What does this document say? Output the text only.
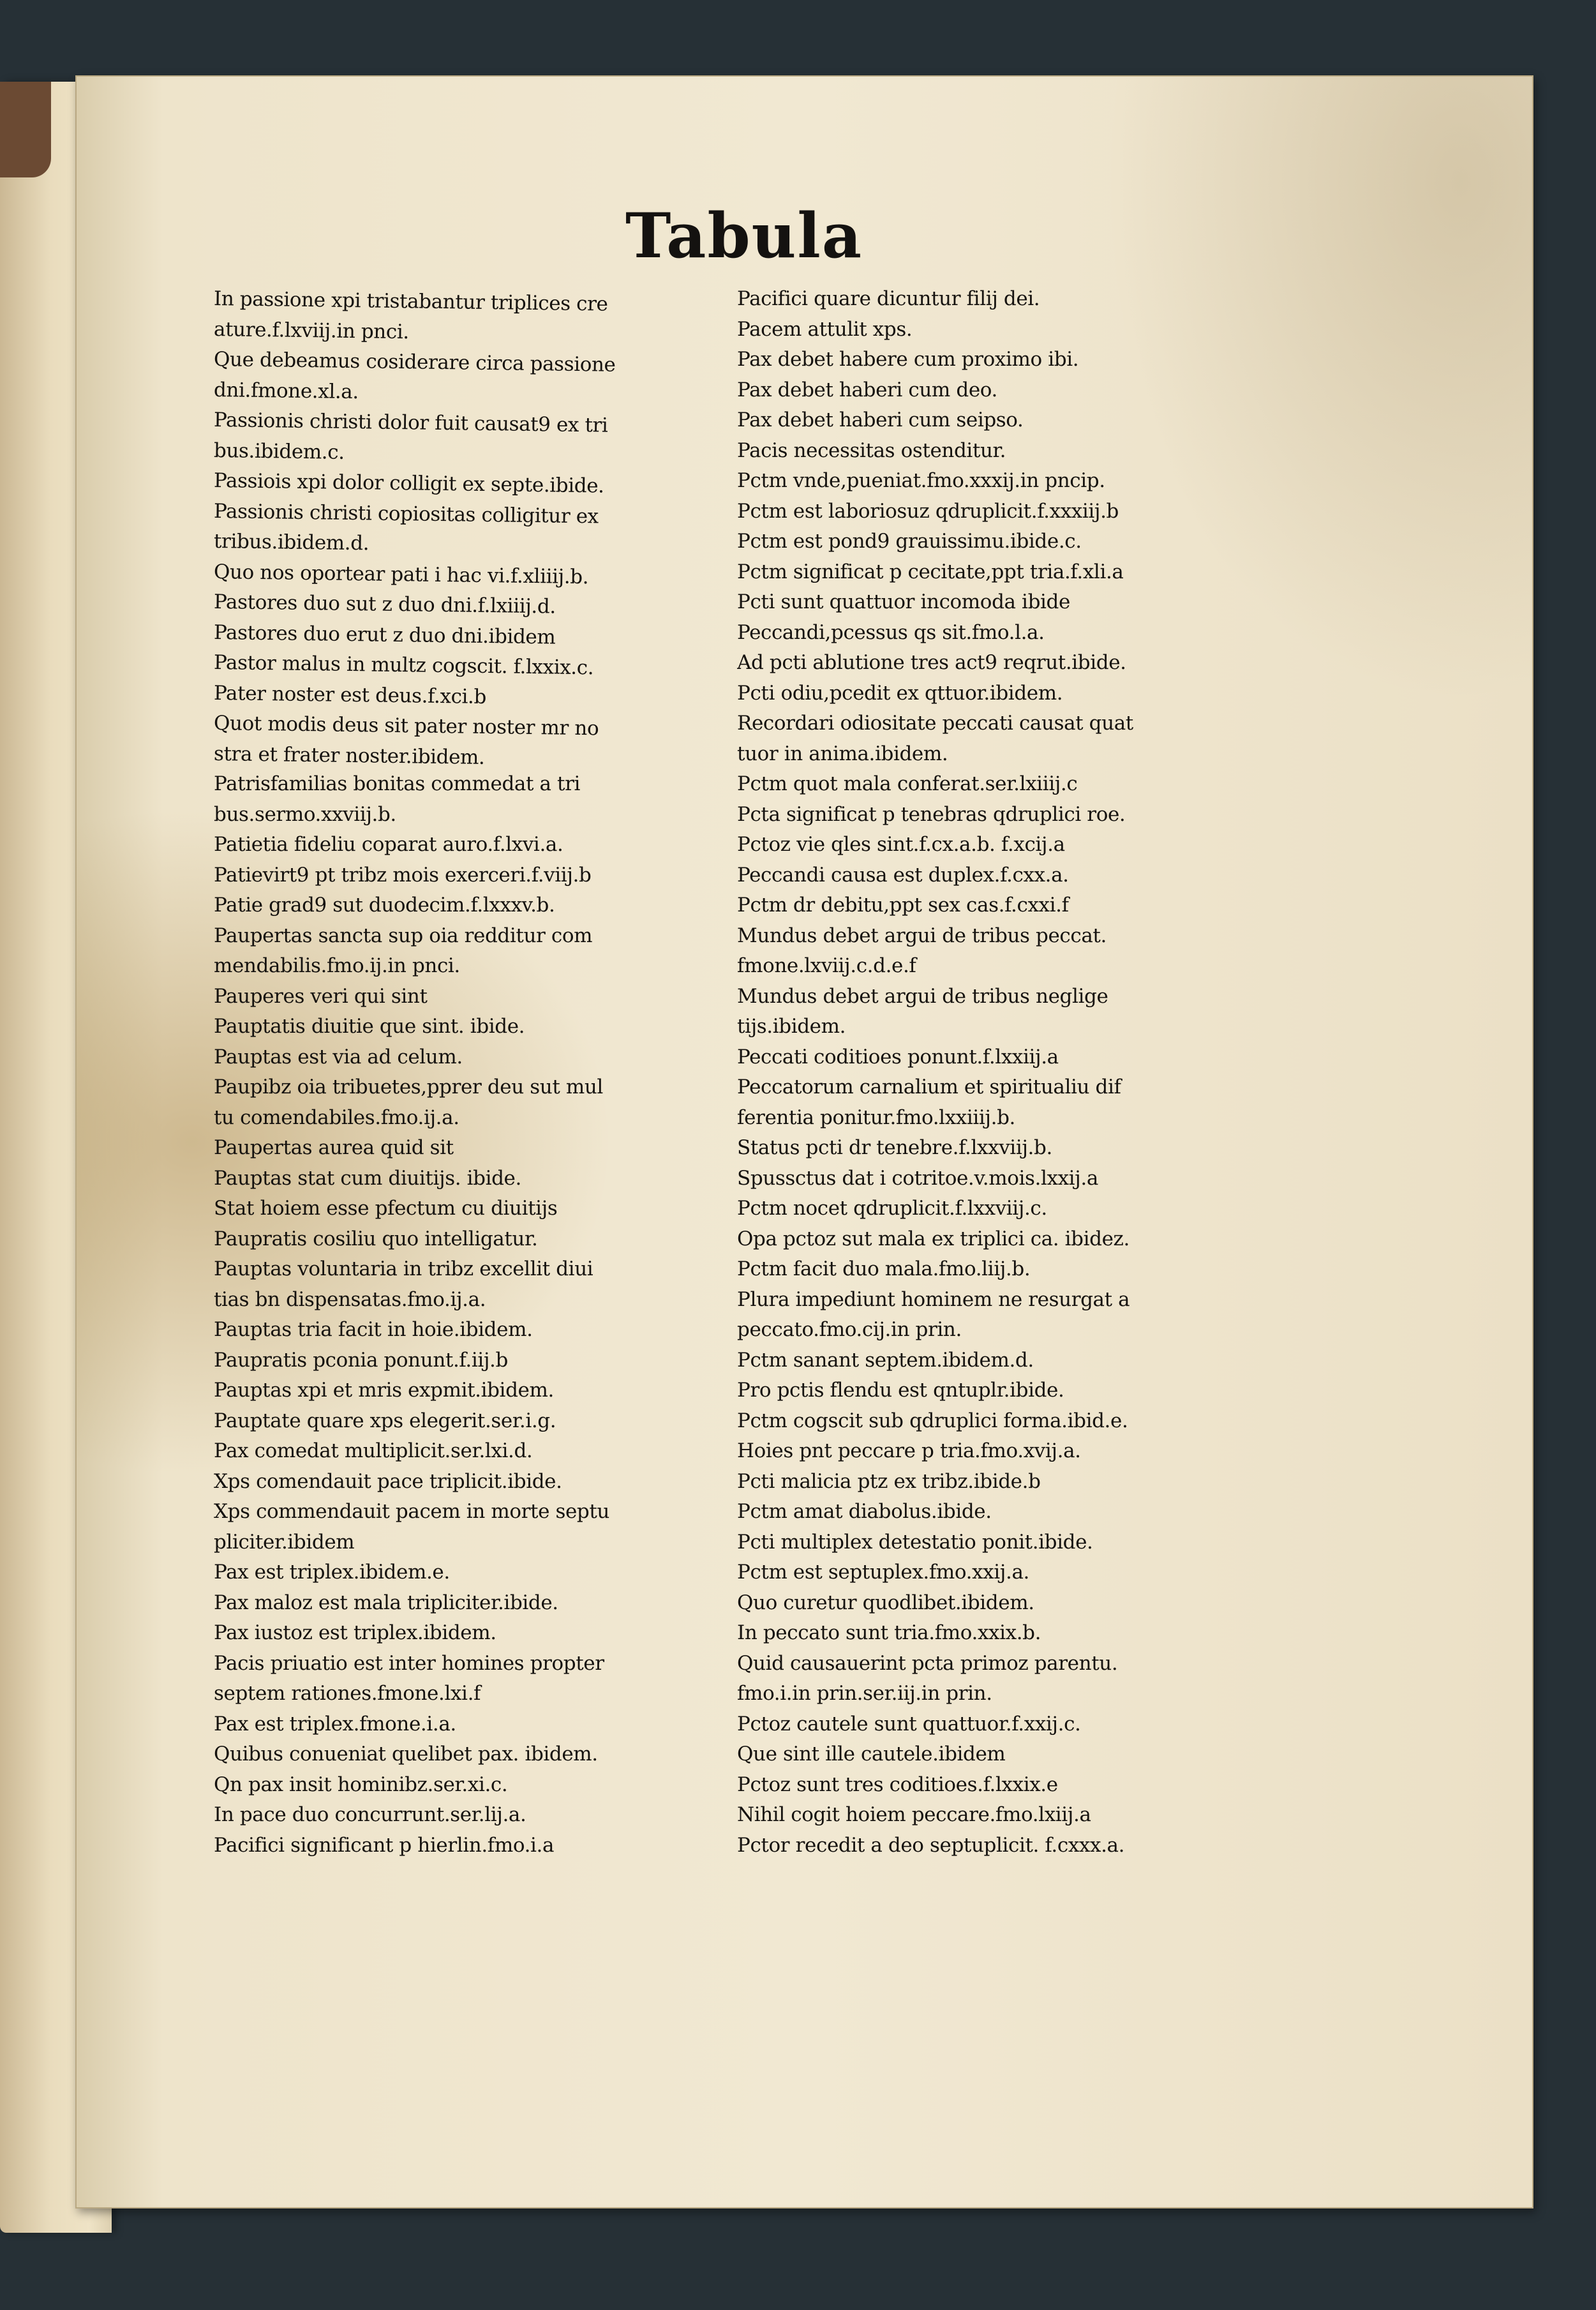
Tabula
In passione xpi tristabantur triplices cre
ature.f.lxviij.in pnci.
Que debeamus cosiderare circa passione
dni.fmone.xl.a.
Passionis christi dolor fuit causat9 ex tri
bus.ibidem.c.
Passiois xpi dolor colligit ex septe.ibide.
Passionis christi copiositas colligitur ex
tribus.ibidem.d.
Quo nos oportear pati i hac vi.f.xliiij.b.
Pastores duo sut z duo dni.f.lxiiij.d.
Pastores duo erut z duo dni.ibidem
Pastor malus in multz cogscit. f.lxxix.c.
Pater noster est deus.f.xci.b
Quot modis deus sit pater noster mr no
stra et frater noster.ibidem.
Patrisfamilias bonitas commedat a tri
bus.sermo.xxviij.b.
Patietia fideliu coparat auro.f.lxvi.a.
Patievirt9 pt tribz mois exerceri.f.viij.b
Patie grad9 sut duodecim.f.lxxxv.b.
Paupertas sancta sup oia redditur com
mendabilis.fmo.ij.in pnci.
Pauperes veri qui sint
Pauptatis diuitie que sint. ibide.
Pauptas est via ad celum.
Paupibz oia tribuetes,pprer deu sut mul
tu comendabiles.fmo.ij.a.
Paupertas aurea quid sit
Pauptas stat cum diuitijs. ibide.
Stat hoiem esse pfectum cu diuitijs
Paupratis cosiliu quo intelligatur.
Pauptas voluntaria in tribz excellit diui
tias bn dispensatas.fmo.ij.a.
Pauptas tria facit in hoie.ibidem.
Paupratis pconia ponunt.f.iij.b
Pauptas xpi et mris expmit.ibidem.
Pauptate quare xps elegerit.ser.i.g.
Pax comedat multiplicit.ser.lxi.d.
Xps comendauit pace triplicit.ibide.
Xps commendauit pacem in morte septu
pliciter.ibidem
Pax est triplex.ibidem.e.
Pax maloz est mala tripliciter.ibide.
Pax iustoz est triplex.ibidem.
Pacis priuatio est inter homines propter
septem rationes.fmone.lxi.f
Pax est triplex.fmone.i.a.
Quibus conueniat quelibet pax. ibidem.
Qn pax insit hominibz.ser.xi.c.
In pace duo concurrunt.ser.lij.a.
Pacifici significant p hierlin.fmo.i.a
Pacifici quare dicuntur filij dei.
Pacem attulit xps.
Pax debet habere cum proximo ibi.
Pax debet haberi cum deo.
Pax debet haberi cum seipso.
Pacis necessitas ostenditur.
Pctm vnde,pueniat.fmo.xxxij.in pncip.
Pctm est laboriosuz qdruplicit.f.xxxiij.b
Pctm est pond9 grauissimu.ibide.c.
Pctm significat p cecitate,ppt tria.f.xli.a
Pcti sunt quattuor incomoda ibide
Peccandi,pcessus qs sit.fmo.l.a.
Ad pcti ablutione tres act9 reqrut.ibide.
Pcti odiu,pcedit ex qttuor.ibidem.
Recordari odiositate peccati causat quat
tuor in anima.ibidem.
Pctm quot mala conferat.ser.lxiiij.c
Pcta significat p tenebras qdruplici roe.
Pctoz vie qles sint.f.cx.a.b. f.xcij.a
Peccandi causa est duplex.f.cxx.a.
Pctm dr debitu,ppt sex cas.f.cxxi.f
Mundus debet argui de tribus peccat.
fmone.lxviij.c.d.e.f
Mundus debet argui de tribus neglige
tijs.ibidem.
Peccati coditioes ponunt.f.lxxiij.a
Peccatorum carnalium et spiritualiu dif
ferentia ponitur.fmo.lxxiiij.b.
Status pcti dr tenebre.f.lxxviij.b.
Spussctus dat i cotritoe.v.mois.lxxij.a
Pctm nocet qdruplicit.f.lxxviij.c.
Opa pctoz sut mala ex triplici ca. ibidez.
Pctm facit duo mala.fmo.liij.b.
Plura impediunt hominem ne resurgat a
peccato.fmo.cij.in prin.
Pctm sanant septem.ibidem.d.
Pro pctis flendu est qntuplr.ibide.
Pctm cogscit sub qdruplici forma.ibid.e.
Hoies pnt peccare p tria.fmo.xvij.a.
Pcti malicia ptz ex tribz.ibide.b
Pctm amat diabolus.ibide.
Pcti multiplex detestatio ponit.ibide.
Pctm est septuplex.fmo.xxij.a.
Quo curetur quodlibet.ibidem.
In peccato sunt tria.fmo.xxix.b.
Quid causauerint pcta primoz parentu.
fmo.i.in prin.ser.iij.in prin.
Pctoz cautele sunt quattuor.f.xxij.c.
Que sint ille cautele.ibidem
Pctoz sunt tres coditioes.f.lxxix.e
Nihil cogit hoiem peccare.fmo.lxiij.a
Pctor recedit a deo septuplicit. f.cxxx.a.
